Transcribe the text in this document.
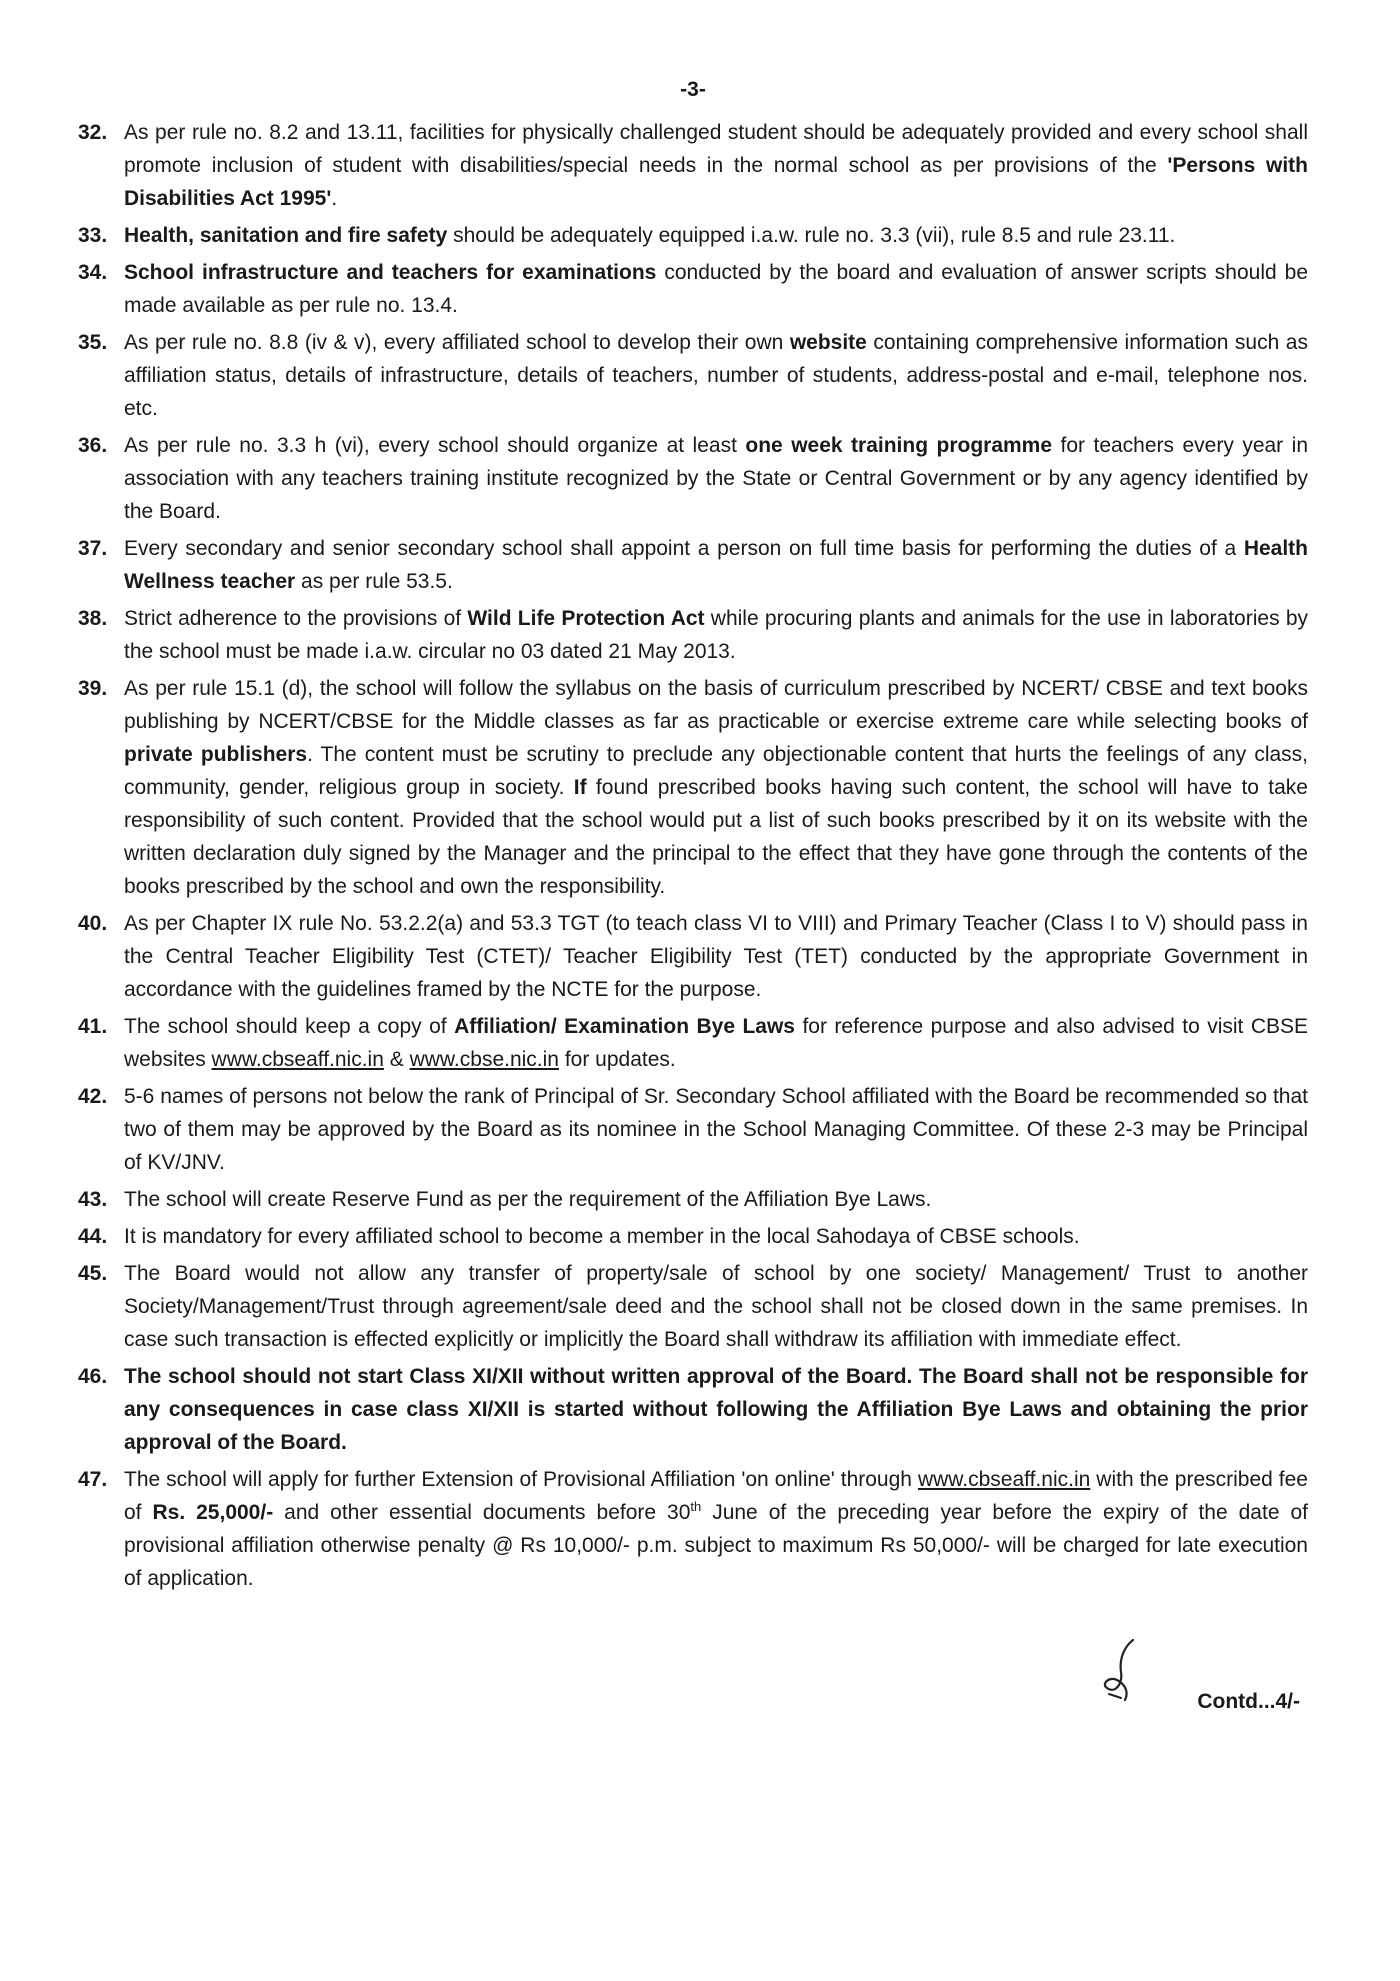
-3-
32. As per rule no. 8.2 and 13.11, facilities for physically challenged student should be adequately provided and every school shall promote inclusion of student with disabilities/special needs in the normal school as per provisions of the 'Persons with Disabilities Act 1995'.
33. Health, sanitation and fire safety should be adequately equipped i.a.w. rule no. 3.3 (vii), rule 8.5 and rule 23.11.
34. School infrastructure and teachers for examinations conducted by the board and evaluation of answer scripts should be made available as per rule no. 13.4.
35. As per rule no. 8.8 (iv & v), every affiliated school to develop their own website containing comprehensive information such as affiliation status, details of infrastructure, details of teachers, number of students, address-postal and e-mail, telephone nos. etc.
36. As per rule no. 3.3 h (vi), every school should organize at least one week training programme for teachers every year in association with any teachers training institute recognized by the State or Central Government or by any agency identified by the Board.
37. Every secondary and senior secondary school shall appoint a person on full time basis for performing the duties of a Health Wellness teacher as per rule 53.5.
38. Strict adherence to the provisions of Wild Life Protection Act while procuring plants and animals for the use in laboratories by the school must be made i.a.w. circular no 03 dated 21 May 2013.
39. As per rule 15.1 (d), the school will follow the syllabus on the basis of curriculum prescribed by NCERT/ CBSE and text books publishing by NCERT/CBSE for the Middle classes as far as practicable or exercise extreme care while selecting books of private publishers. The content must be scrutiny to preclude any objectionable content that hurts the feelings of any class, community, gender, religious group in society. If found prescribed books having such content, the school will have to take responsibility of such content. Provided that the school would put a list of such books prescribed by it on its website with the written declaration duly signed by the Manager and the principal to the effect that they have gone through the contents of the books prescribed by the school and own the responsibility.
40. As per Chapter IX rule No. 53.2.2(a) and 53.3 TGT (to teach class VI to VIII) and Primary Teacher (Class I to V) should pass in the Central Teacher Eligibility Test (CTET)/ Teacher Eligibility Test (TET) conducted by the appropriate Government in accordance with the guidelines framed by the NCTE for the purpose.
41. The school should keep a copy of Affiliation/ Examination Bye Laws for reference purpose and also advised to visit CBSE websites www.cbseaff.nic.in & www.cbse.nic.in for updates.
42. 5-6 names of persons not below the rank of Principal of Sr. Secondary School affiliated with the Board be recommended so that two of them may be approved by the Board as its nominee in the School Managing Committee. Of these 2-3 may be Principal of KV/JNV.
43. The school will create Reserve Fund as per the requirement of the Affiliation Bye Laws.
44. It is mandatory for every affiliated school to become a member in the local Sahodaya of CBSE schools.
45. The Board would not allow any transfer of property/sale of school by one society/ Management/ Trust to another Society/Management/Trust through agreement/sale deed and the school shall not be closed down in the same premises. In case such transaction is effected explicitly or implicitly the Board shall withdraw its affiliation with immediate effect.
46. The school should not start Class XI/XII without written approval of the Board. The Board shall not be responsible for any consequences in case class XI/XII is started without following the Affiliation Bye Laws and obtaining the prior approval of the Board.
47. The school will apply for further Extension of Provisional Affiliation 'on online' through www.cbseaff.nic.in with the prescribed fee of Rs. 25,000/- and other essential documents before 30th June of the preceding year before the expiry of the date of provisional affiliation otherwise penalty @ Rs 10,000/- p.m. subject to maximum Rs 50,000/- will be charged for late execution of application.
Contd...4/-
